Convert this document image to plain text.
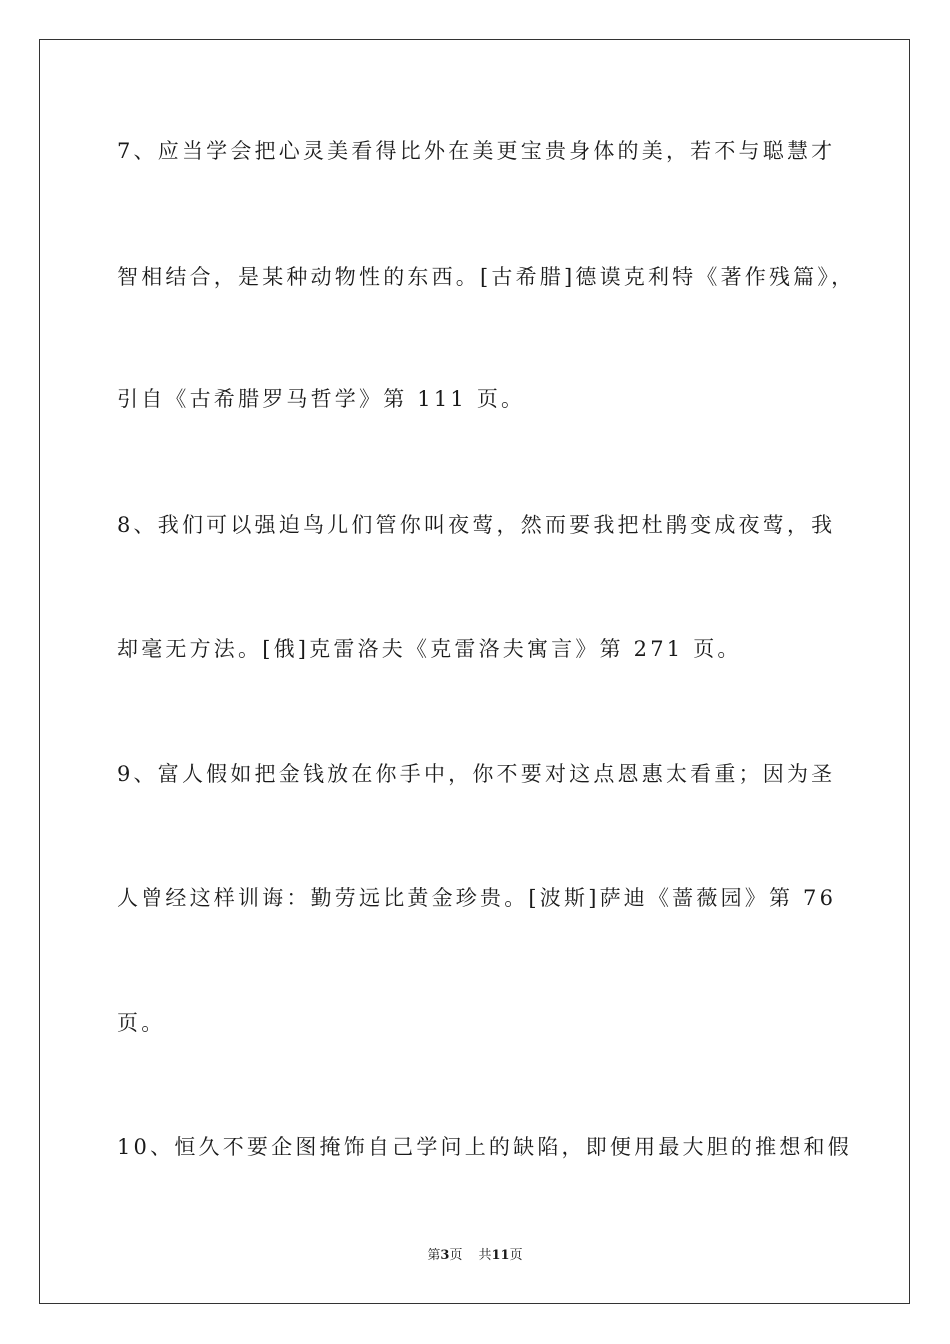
7、应当学会把心灵美看得比外在美更宝贵身体的美，若不与聪慧才
智相结合，是某种动物性的东西。[古希腊]德谟克利特《著作残篇》，
引自《古希腊罗马哲学》第 111 页。
8、我们可以强迫鸟儿们管你叫夜莺，然而要我把杜鹃变成夜莺，我
却毫无方法。[俄]克雷洛夫《克雷洛夫寓言》第 271 页。
9、富人假如把金钱放在你手中，你不要对这点恩惠太看重；因为圣
人曾经这样训诲：勤劳远比黄金珍贵。[波斯]萨迪《蔷薇园》第 76
页。
10、恒久不要企图掩饰自己学问上的缺陷，即便用最大胆的推想和假
第3页 共11页
